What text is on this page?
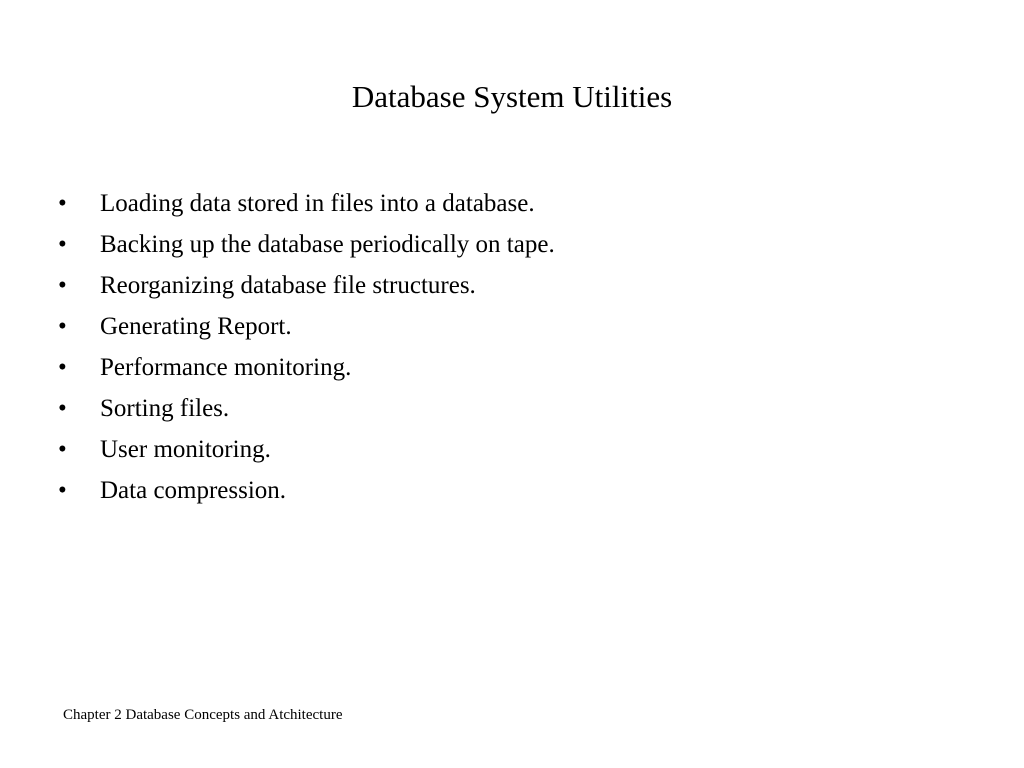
Database System Utilities
•	Loading data stored in files into a database.
•	Backing up the database periodically on tape.
•	Reorganizing database file structures.
•	Generating Report.
•	Performance monitoring.
•	Sorting files.
•	User monitoring.
•	Data compression.
Chapter 2 Database Concepts and Atchitecture
